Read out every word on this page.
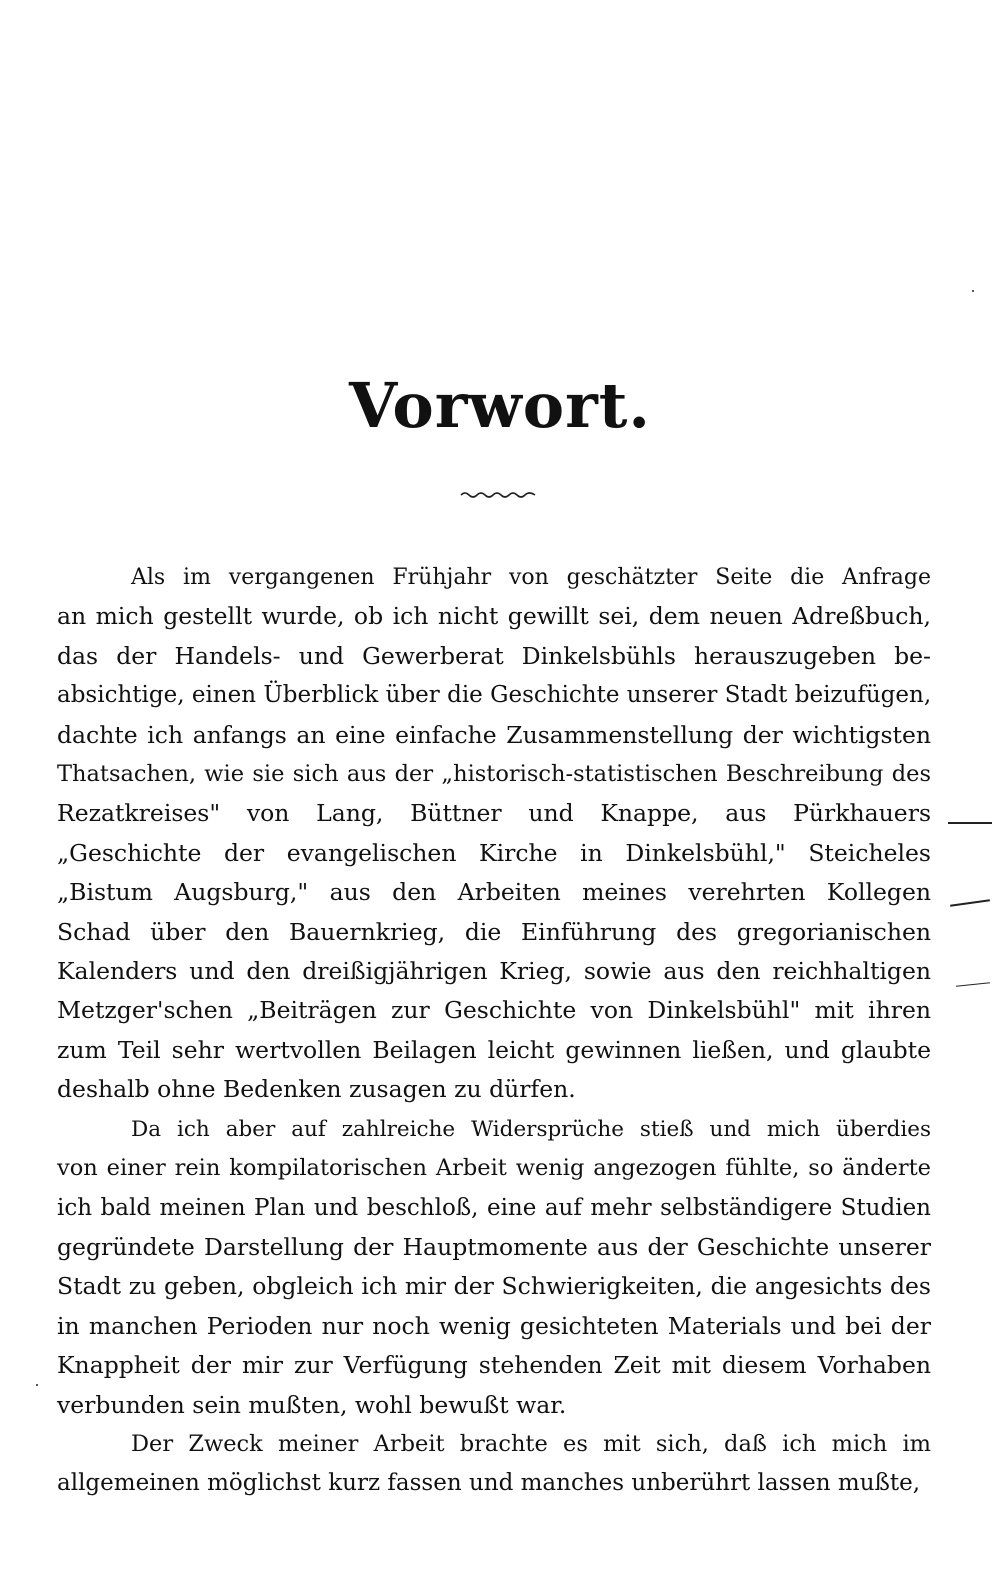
Vorwort.
Als im vergangenen Frühjahr von geschätzter Seite die Anfrage
an mich gestellt wurde, ob ich nicht gewillt sei, dem neuen Adreßbuch,
das der Handels- und Gewerberat Dinkelsbühls herauszugeben be-
absichtige, einen Überblick über die Geschichte unserer Stadt beizufügen,
dachte ich anfangs an eine einfache Zusammenstellung der wichtigsten
Thatsachen, wie sie sich aus der „historisch-statistischen Beschreibung des
Rezatkreises" von Lang, Büttner und Knappe, aus Pürkhauers
„Geschichte der evangelischen Kirche in Dinkelsbühl," Steicheles
„Bistum Augsburg," aus den Arbeiten meines verehrten Kollegen
Schad über den Bauernkrieg, die Einführung des gregorianischen
Kalenders und den dreißigjährigen Krieg, sowie aus den reichhaltigen
Metzger'schen „Beiträgen zur Geschichte von Dinkelsbühl" mit ihren
zum Teil sehr wertvollen Beilagen leicht gewinnen ließen, und glaubte
deshalb ohne Bedenken zusagen zu dürfen.
Da ich aber auf zahlreiche Widersprüche stieß und mich überdies
von einer rein kompilatorischen Arbeit wenig angezogen fühlte, so änderte
ich bald meinen Plan und beschloß, eine auf mehr selbständigere Studien
gegründete Darstellung der Hauptmomente aus der Geschichte unserer
Stadt zu geben, obgleich ich mir der Schwierigkeiten, die angesichts des
in manchen Perioden nur noch wenig gesichteten Materials und bei der
Knappheit der mir zur Verfügung stehenden Zeit mit diesem Vorhaben
verbunden sein mußten, wohl bewußt war.
Der Zweck meiner Arbeit brachte es mit sich, daß ich mich im
allgemeinen möglichst kurz fassen und manches unberührt lassen mußte,
